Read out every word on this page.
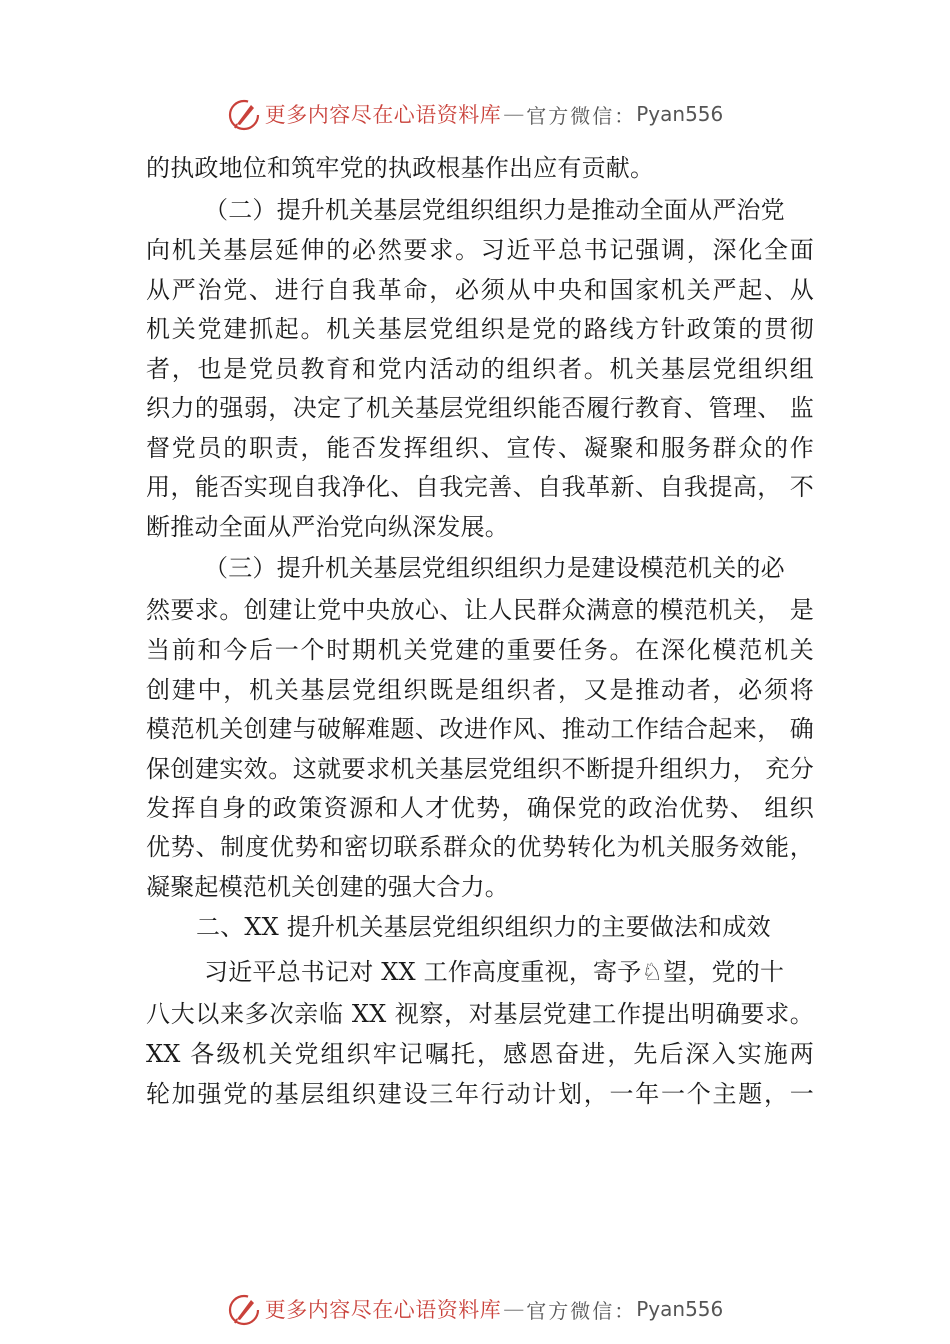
更多内容尽在心语资料库 — 官方微信： Pyan556
的执政地位和筑牢党的执政根基作出应有贡献。
（二）提升机关基层党组织组织力是推动全面从严治党
向机关基层延伸的必然要求。习近平总书记强调，深化全面
从严治党、进行自我革命，必须从中央和国家机关严起、从
机关党建抓起。机关基层党组织是党的路线方针政策的贯彻
者，也是党员教育和党内活动的组织者。机关基层党组织组
织力的强弱，决定了机关基层党组织能否履行教育、管理、 监
督党员的职责，能否发挥组织、宣传、凝聚和服务群众的作
用，能否实现自我净化、自我完善、自我革新、自我提高， 不
断推动全面从严治党向纵深发展。
（三）提升机关基层党组织组织力是建设模范机关的必
然要求。创建让党中央放心、让人民群众满意的模范机关， 是
当前和今后一个时期机关党建的重要任务。在深化模范机关
创建中，机关基层党组织既是组织者，又是推动者，必须将
模范机关创建与破解难题、改进作风、推动工作结合起来， 确
保创建实效。这就要求机关基层党组织不断提升组织力， 充分
发挥自身的政策资源和人才优势，确保党的政治优势、 组织
优势、制度优势和密切联系群众的优势转化为机关服务效能，
凝聚起模范机关创建的强大合力。
二、XX 提升机关基层党组织组织力的主要做法和成效
习近平总书记对 XX 工作高度重视，寄予♘望，党的十
八大以来多次亲临 XX 视察，对基层党建工作提出明确要求。
XX 各级机关党组织牢记嘱托，感恩奋进，先后深入实施两
轮加强党的基层组织建设三年行动计划，一年一个主题，一
更多内容尽在心语资料库 — 官方微信： Pyan556
